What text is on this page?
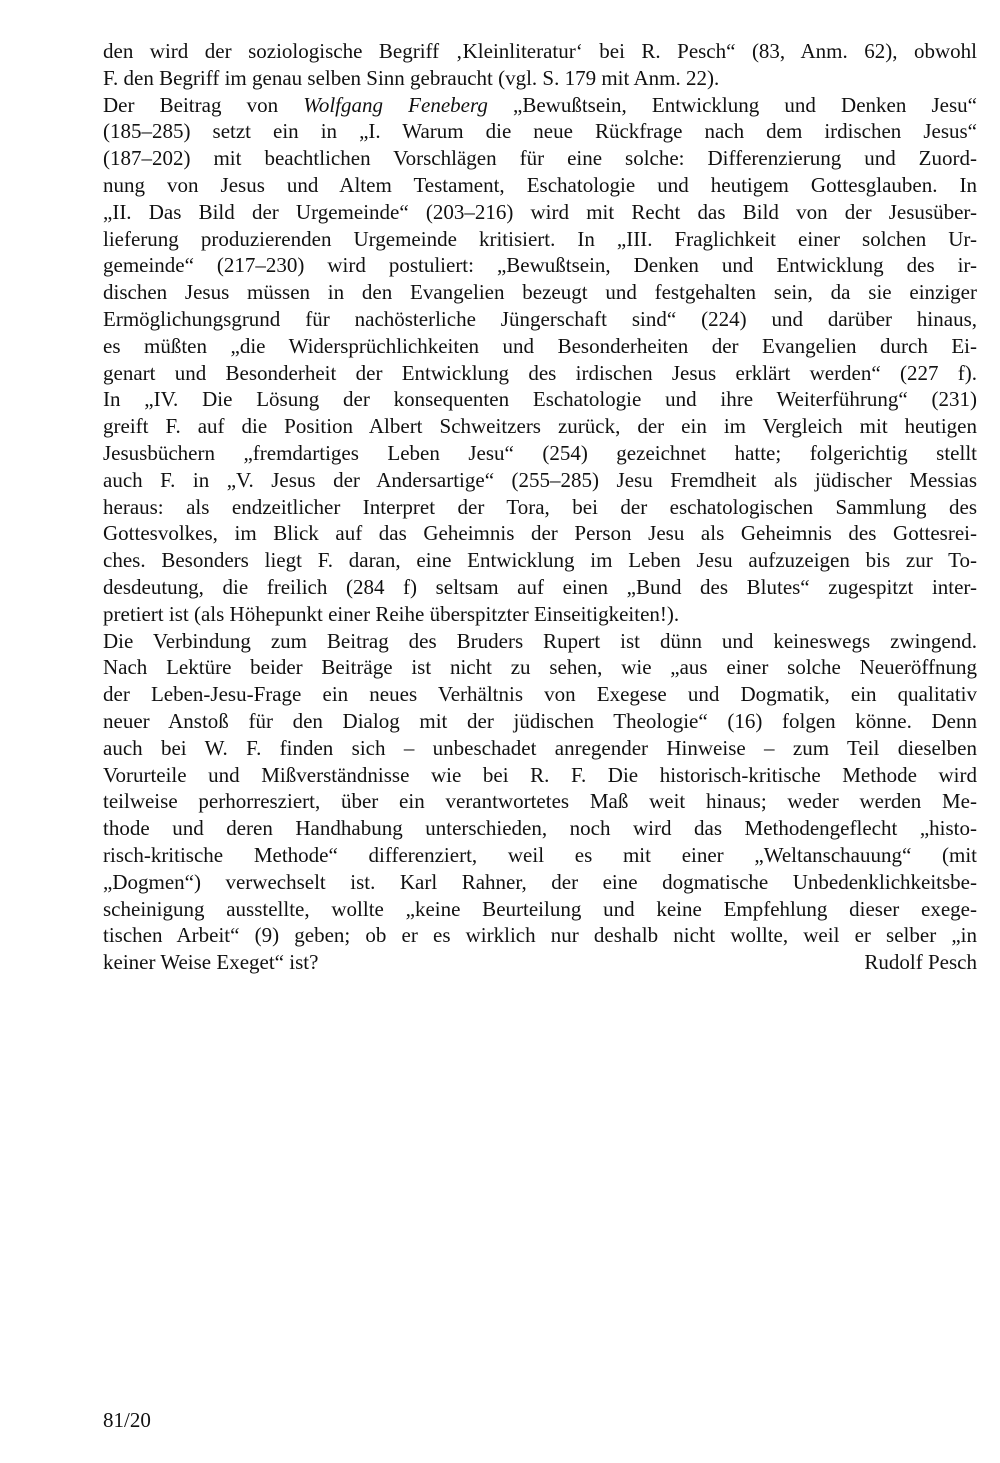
den wird der soziologische Begriff ‚Kleinliteratur‘ bei R. Pesch“ (83, Anm. 62), obwohl
F. den Begriff im genau selben Sinn gebraucht (vgl. S. 179 mit Anm. 22).
Der Beitrag von Wolfgang Feneberg „Bewußtsein, Entwicklung und Denken Jesu“
(185–285) setzt ein in „I. Warum die neue Rückfrage nach dem irdischen Jesus“
(187–202) mit beachtlichen Vorschlägen für eine solche: Differenzierung und Zuord-
nung von Jesus und Altem Testament, Eschatologie und heutigem Gottesglauben. In
„II. Das Bild der Urgemeinde“ (203–216) wird mit Recht das Bild von der Jesusüber-
lieferung produzierenden Urgemeinde kritisiert. In „III. Fraglichkeit einer solchen Ur-
gemeinde“ (217–230) wird postuliert: „Bewußtsein, Denken und Entwicklung des ir-
dischen Jesus müssen in den Evangelien bezeugt und festgehalten sein, da sie einziger
Ermöglichungsgrund für nachösterliche Jüngerschaft sind“ (224) und darüber hinaus,
es müßten „die Widersprüchlichkeiten und Besonderheiten der Evangelien durch Ei-
genart und Besonderheit der Entwicklung des irdischen Jesus erklärt werden“ (227 f).
In „IV. Die Lösung der konsequenten Eschatologie und ihre Weiterführung“ (231)
greift F. auf die Position Albert Schweitzers zurück, der ein im Vergleich mit heutigen
Jesusbüchern „fremdartiges Leben Jesu“ (254) gezeichnet hatte; folgerichtig stellt
auch F. in „V. Jesus der Andersartige“ (255–285) Jesu Fremdheit als jüdischer Messias
heraus: als endzeitlicher Interpret der Tora, bei der eschatologischen Sammlung des
Gottesvolkes, im Blick auf das Geheimnis der Person Jesu als Geheimnis des Gottesrei-
ches. Besonders liegt F. daran, eine Entwicklung im Leben Jesu aufzuzeigen bis zur To-
desdeutung, die freilich (284 f) seltsam auf einen „Bund des Blutes“ zugespitzt inter-
pretiert ist (als Höhepunkt einer Reihe überspitzter Einseitigkeiten!).
Die Verbindung zum Beitrag des Bruders Rupert ist dünn und keineswegs zwingend.
Nach Lektüre beider Beiträge ist nicht zu sehen, wie „aus einer solche Neueröffnung
der Leben-Jesu-Frage ein neues Verhältnis von Exegese und Dogmatik, ein qualitativ
neuer Anstoß für den Dialog mit der jüdischen Theologie“ (16) folgen könne. Denn
auch bei W. F. finden sich – unbeschadet anregender Hinweise – zum Teil dieselben
Vorurteile und Mißverständnisse wie bei R. F. Die historisch-kritische Methode wird
teilweise perhorresziert, über ein verantwortetes Maß weit hinaus; weder werden Me-
thode und deren Handhabung unterschieden, noch wird das Methodengeflecht „histo-
risch-kritische Methode“ differenziert, weil es mit einer „Weltanschauung“ (mit
„Dogmen“) verwechselt ist. Karl Rahner, der eine dogmatische Unbedenklichkeitsbe-
scheinigung ausstellte, wollte „keine Beurteilung und keine Empfehlung dieser exege-
tischen Arbeit“ (9) geben; ob er es wirklich nur deshalb nicht wollte, weil er selber „in
keiner Weise Exeget“ ist?	Rudolf Pesch
81/20
